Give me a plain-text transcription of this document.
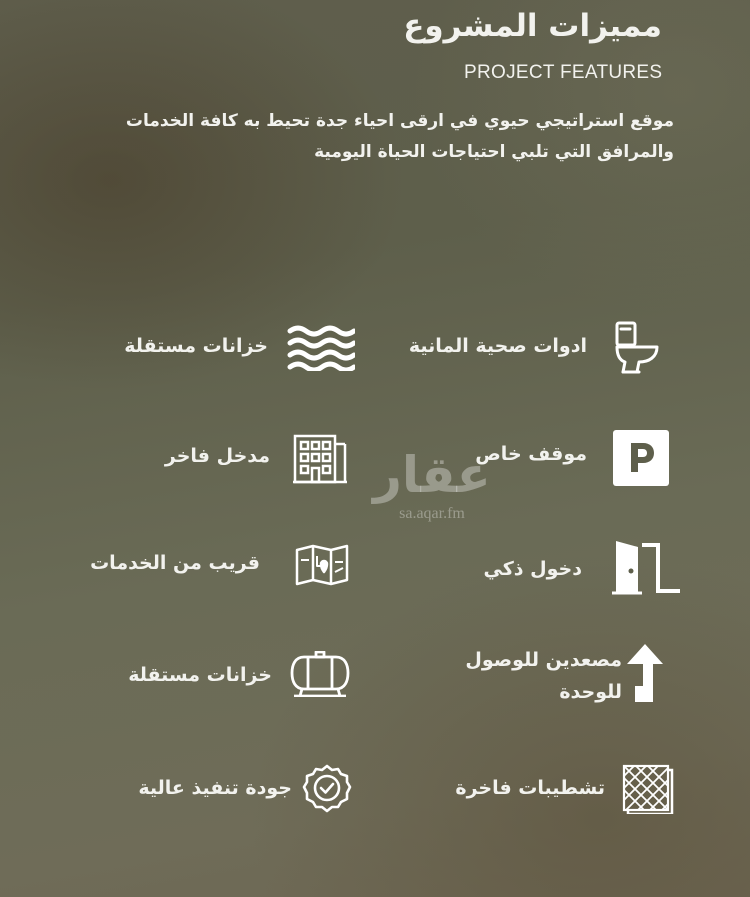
مميزات المشروع
PROJECT FEATURES
موقع استراتيجي حيوي في ارقى احياء جدة تحيط به كافة الخدمات والمرافق التي تلبي احتياجات الحياة اليومية
ادوات صحية المانية
خزانات مستقلة
موقف خاص
مدخل فاخر
دخول ذكي
قريب من الخدمات
مصعدين للوصول للوحدة
خزانات مستقلة
تشطيبات فاخرة
جودة تنفيذ عالية
عقار
sa.aqar.fm
